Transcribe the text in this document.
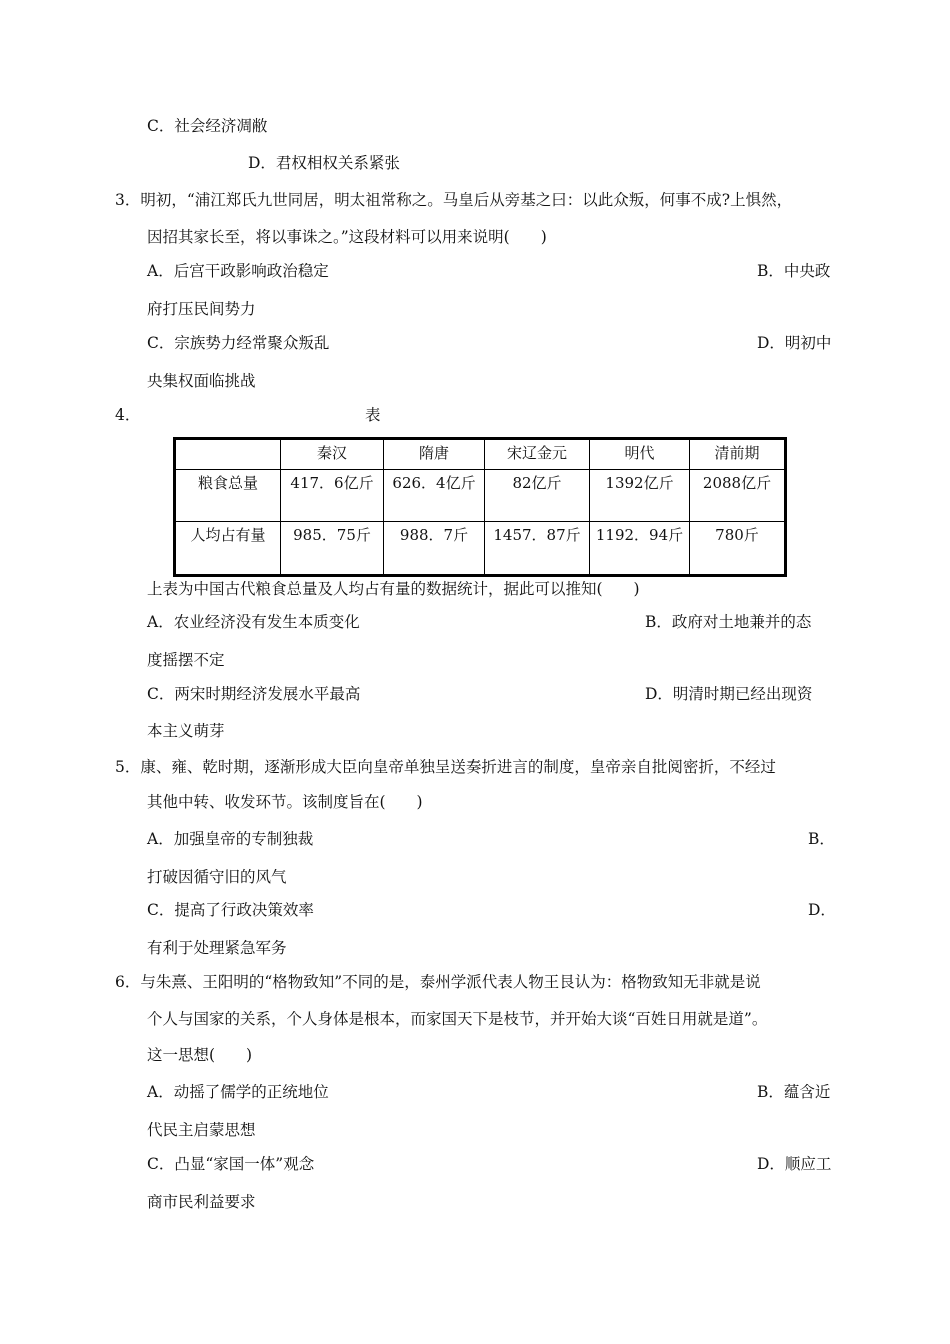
C．社会经济凋敝
D．君权相权关系紧张
3．明初，“浦江郑氏九世同居，明太祖常称之。马皇后从旁基之曰：以此众叛，何事不成?上惧然，
因招其家长至，将以事诛之。”这段材料可以用来说明(　　)
A．后宫干政影响政治稳定	B．中央政
府打压民间势力
C．宗族势力经常聚众叛乱	D．明初中
央集权面临挑战
4．	表
	秦汉	隋唐	宋辽金元	明代	清前期
粮食总量	417．6亿斤	626．4亿斤	82亿斤	1392亿斤	2088亿斤
人均占有量	985．75斤	988．7斤	1457．87斤	1192．94斤	780斤
上表为中国古代粮食总量及人均占有量的数据统计，据此可以推知(　　)
A．农业经济没有发生本质变化	B．政府对土地兼并的态
度摇摆不定
C．两宋时期经济发展水平最高	D．明清时期已经出现资
本主义萌芽
5．康、雍、乾时期，逐渐形成大臣向皇帝单独呈送奏折进言的制度，皇帝亲自批阅密折，不经过
其他中转、收发环节。该制度旨在(　　)
A．加强皇帝的专制独裁	B．
打破因循守旧的风气
C．提高了行政决策效率	D．
有利于处理紧急军务
6．与朱熹、王阳明的“格物致知”不同的是，泰州学派代表人物王艮认为：格物致知无非就是说
个人与国家的关系，个人身体是根本，而家国天下是枝节，并开始大谈“百姓日用就是道”。
这一思想(　　)
A．动摇了儒学的正统地位	B．蕴含近
代民主启蒙思想
C．凸显“家国一体”观念	D．顺应工
商市民利益要求
